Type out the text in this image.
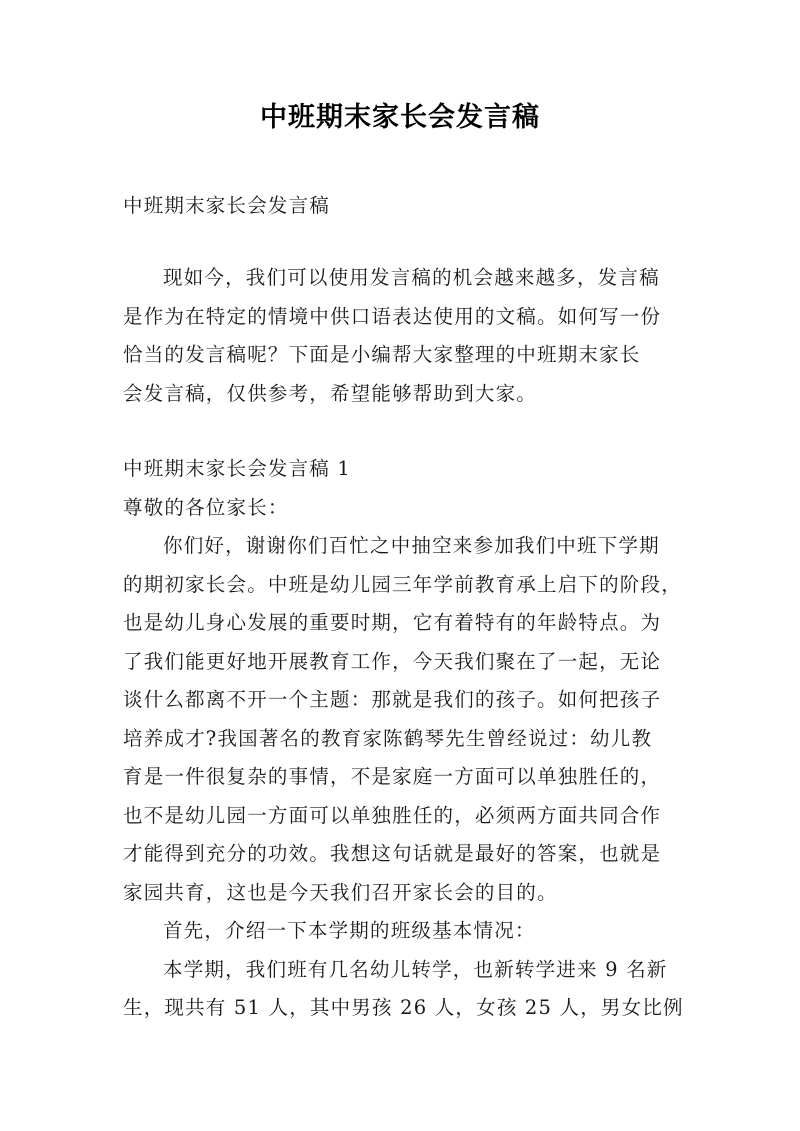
中班期末家长会发言稿
中班期末家长会发言稿
现如今，我们可以使用发言稿的机会越来越多，发言稿
是作为在特定的情境中供口语表达使用的文稿。如何写一份
恰当的发言稿呢？下面是小编帮大家整理的中班期末家长
会发言稿，仅供参考，希望能够帮助到大家。
中班期末家长会发言稿 1
尊敬的各位家长：
你们好，谢谢你们百忙之中抽空来参加我们中班下学期
的期初家长会。中班是幼儿园三年学前教育承上启下的阶段，
也是幼儿身心发展的重要时期，它有着特有的年龄特点。为
了我们能更好地开展教育工作，今天我们聚在了一起，无论
谈什么都离不开一个主题：那就是我们的孩子。如何把孩子
培养成才?我国著名的教育家陈鹤琴先生曾经说过：幼儿教
育是一件很复杂的事情，不是家庭一方面可以单独胜任的，
也不是幼儿园一方面可以单独胜任的，必须两方面共同合作
才能得到充分的功效。我想这句话就是最好的答案，也就是
家园共育，这也是今天我们召开家长会的目的。
首先，介绍一下本学期的班级基本情况：
本学期，我们班有几名幼儿转学，也新转学进来 9 名新
生，现共有 51 人，其中男孩 26 人，女孩 25 人，男女比例
